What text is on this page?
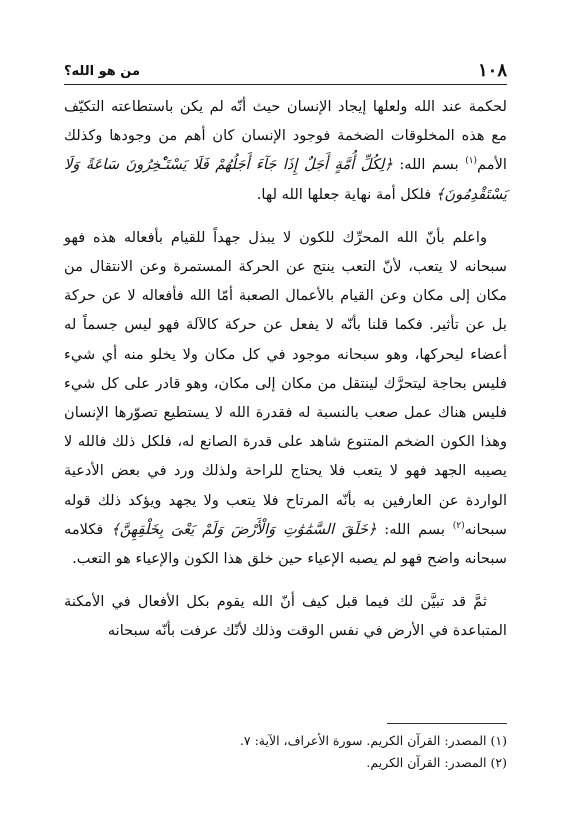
١٠٨
من هو الله؟

لحكمة عند الله ولعلها إيجاد الإنسان حيث أنّه لم يكن باستطاعته التكيّف مع هذه المخلوقات الضخمة فوجود الإنسان كان أهم من وجودها وكذلك الأمم$^{(١)}$ بسم الله: ﴿لِكُلِّ أُمَّةٍ أَجَلٌ إِذَا جَآءَ أَجَلُهُمْ فَلَا يَسْتَـْٔخِرُونَ سَاعَةً وَلَا يَسْتَقْدِمُونَ﴾ فلكل أمة نهاية جعلها الله لها.

واعلم بأنّ الله المحرِّك للكون لا يبذل جهداً للقيام بأفعاله هذه فهو سبحانه لا يتعب، لأنّ التعب ينتج عن الحركة المستمرة وعن الانتقال من مكان إلى مكان وعن القيام بالأعمال الصعبة أمّا الله فأفعاله لا عن حركة بل عن تأثير. فكما قلنا بأنّه لا يفعل عن حركة كالآلة فهو ليس جسماً له أعضاء ليحركها، وهو سبحانه موجود في كل مكان ولا يخلو منه أي شيء فليس بحاجة ليتحرَّك لينتقل من مكان إلى مكان، وهو قادر على كل شيء فليس هناك عمل صعب بالنسبة له فقدرة الله لا يستطيع تصوّرها الإنسان وهذا الكون الضخم المتنوع شاهد على قدرة الصانع له، فلكل ذلك فالله لا يصيبه الجهد فهو لا يتعب فلا يحتاج للراحة ولذلك ورد في بعض الأدعية الواردة عن العارفين به بأنّه المرتاح فلا يتعب ولا يجهد ويؤكد ذلك قوله سبحانه$^{(٢)}$ بسم الله: ﴿خَلَقَ السَّمَٰوَٰتِ وَالْأَرْضَ وَلَمْ يَعْىَ بِخَلْقِهِنَّ﴾ فكلامه سبحانه واضح فهو لم يصبه الإعياء حين خلق هذا الكون والإعياء هو التعب.

ثمَّ قد تبيَّن لك فيما قبل كيف أنّ الله يقوم بكل الأفعال في الأمكنة المتباعدة في الأرض في نفس الوقت وذلك لأنّك عرفت بأنّه سبحانه

(١) المصدر: القرآن الكريم. سورة الأعراف، الآية: ٧.

(٢) المصدر: القرآن الكريم.
